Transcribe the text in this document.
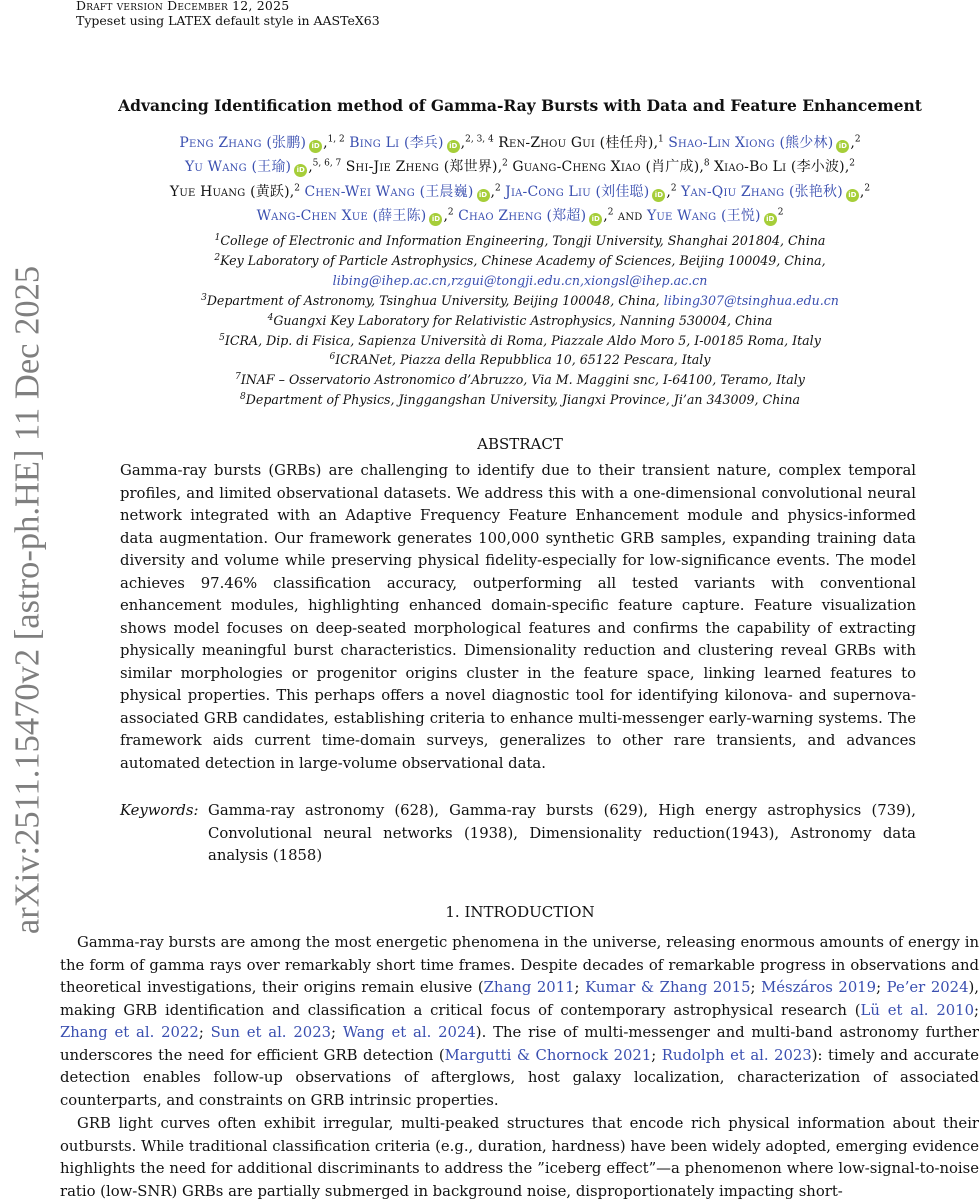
Draft version December 12, 2025
Typeset using LATEX default style in AASTeX63
arXiv:2511.15470v2 [astro-ph.HE] 11 Dec 2025
Advancing Identification method of Gamma-Ray Bursts with Data and Feature Enhancement
Peng Zhang (张鹏) iD ,$^{1, 2}$ Bing Li (李兵) iD ,$^{2, 3, 4}$ Ren-Zhou Gui (桂任舟),$^1$ Shao-Lin Xiong (熊少林) iD ,$^2$
Yu Wang (王瑜) iD ,$^{5, 6, 7}$ Shi-Jie Zheng (郑世界),$^2$ Guang-Cheng Xiao (肖广成),$^8$ Xiao-Bo Li (李小波),$^2$
Yue Huang (黄跃),$^2$ Chen-Wei Wang (王晨巍) iD ,$^2$ Jia-Cong Liu (刘佳聪) iD ,$^2$ Yan-Qiu Zhang (张艳秋) iD ,$^2$
Wang-Chen Xue (薛王陈) iD ,$^2$ Chao Zheng (郑超) iD ,$^2$ and Yue Wang (王悦) $iD^2$
$^1$College of Electronic and Information Engineering, Tongji University, Shanghai 201804, China
$^2$Key Laboratory of Particle Astrophysics, Chinese Academy of Sciences, Beijing 100049, China,
libing@ihep.ac.cn,rzgui@tongji.edu.cn,xiongsl@ihep.ac.cn
$^3$Department of Astronomy, Tsinghua University, Beijing 100048, China, libing307@tsinghua.edu.cn
$^4$Guangxi Key Laboratory for Relativistic Astrophysics, Nanning 530004, China
$^5$ICRA, Dip. di Fisica, Sapienza Università di Roma, Piazzale Aldo Moro 5, I-00185 Roma, Italy
$^6$ICRANet, Piazza della Repubblica 10, 65122 Pescara, Italy
$^7$INAF – Osservatorio Astronomico d’Abruzzo, Via M. Maggini snc, I-64100, Teramo, Italy
$^8$Department of Physics, Jinggangshan University, Jiangxi Province, Ji’an 343009, China
ABSTRACT
Gamma-ray bursts (GRBs) are challenging to identify due to their transient nature, complex temporal profiles, and limited observational datasets. We address this with a one-dimensional convolutional neural network integrated with an Adaptive Frequency Feature Enhancement module and physics-informed data augmentation. Our framework generates 100,000 synthetic GRB samples, expanding training data diversity and volume while preserving physical fidelity-especially for low-significance events. The model achieves 97.46% classification accuracy, outperforming all tested variants with conventional enhancement modules, highlighting enhanced domain-specific feature capture. Feature visualization shows model focuses on deep-seated morphological features and confirms the capability of extracting physically meaningful burst characteristics. Dimensionality reduction and clustering reveal GRBs with similar morphologies or progenitor origins cluster in the feature space, linking learned features to physical properties. This perhaps offers a novel diagnostic tool for identifying kilonova- and supernova-associated GRB candidates, establishing criteria to enhance multi-messenger early-warning systems. The framework aids current time-domain surveys, generalizes to other rare transients, and advances automated detection in large-volume observational data.
Keywords: Gamma-ray astronomy (628), Gamma-ray bursts (629), High energy astrophysics (739), Convolutional neural networks (1938), Dimensionality reduction(1943), Astronomy data analysis (1858)
1. INTRODUCTION

Gamma-ray bursts are among the most energetic phenomena in the universe, releasing enormous amounts of energy in the form of gamma rays over remarkably short time frames. Despite decades of remarkable progress in observations and theoretical investigations, their origins remain elusive (Zhang 2011; Kumar & Zhang 2015; Mészáros 2019; Pe’er 2024), making GRB identification and classification a critical focus of contemporary astrophysical research (Lü et al. 2010; Zhang et al. 2022; Sun et al. 2023; Wang et al. 2024). The rise of multi-messenger and multi-band astronomy further underscores the need for efficient GRB detection (Margutti & Chornock 2021; Rudolph et al. 2023): timely and accurate detection enables follow-up observations of afterglows, host galaxy localization, characterization of associated counterparts, and constraints on GRB intrinsic properties.

GRB light curves often exhibit irregular, multi-peaked structures that encode rich physical information about their outbursts. While traditional classification criteria (e.g., duration, hardness) have been widely adopted, emerging evidence highlights the need for additional discriminants to address the ”iceberg effect”—a phenomenon where low-signal-to-noise ratio (low-SNR) GRBs are partially submerged in background noise, disproportionately impacting short-
